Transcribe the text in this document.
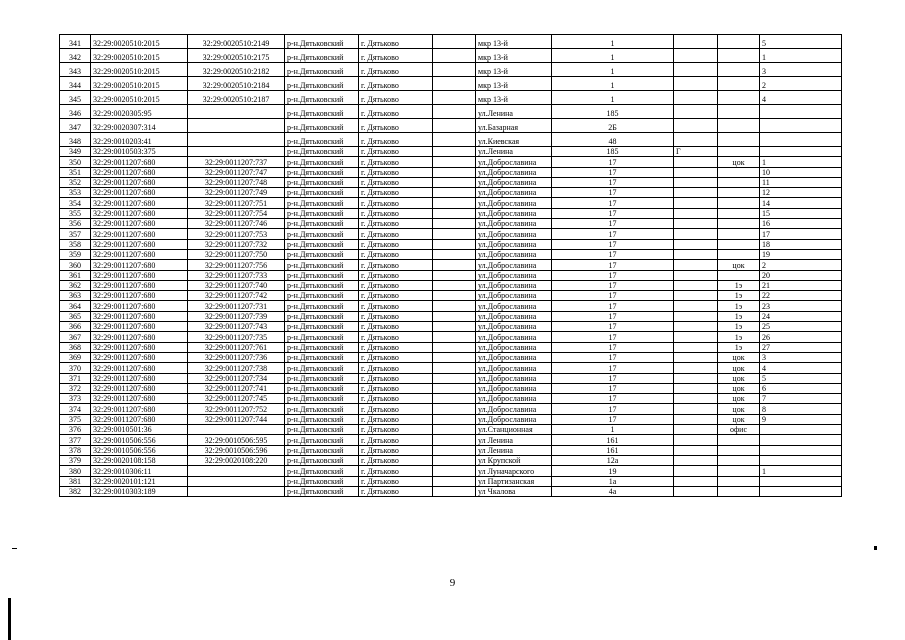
341	32:29:0020510:2015	32:29:0020510:2149	р-н.Дятьковский	г. Дятьково		мкр 13-й	1			5
342	32:29:0020510:2015	32:29:0020510:2175	р-н.Дятьковский	г. Дятьково		мкр 13-й	1			1
343	32:29:0020510:2015	32:29:0020510:2182	р-н.Дятьковский	г. Дятьково		мкр 13-й	1			3
344	32:29:0020510:2015	32:29:0020510:2184	р-н.Дятьковский	г. Дятьково		мкр 13-й	1			2
345	32:29:0020510:2015	32:29:0020510:2187	р-н.Дятьковский	г. Дятьково		мкр 13-й	1			4
346	32:29:0020305:95		р-н.Дятьковский	г. Дятьково		ул.Ленина	185			
347	32:29:0020307:314		р-н.Дятьковский	г. Дятьково		ул.Базарная	2Б			
348	32:29:0010203:41		р-н.Дятьковский	г. Дятьково		ул.Киевская	48			
349	32:29:0010503:375		р-н.Дятьковский	г. Дятьково		ул.Ленина	185	Г		
350	32:29:0011207:680	32:29:0011207:737	р-н.Дятьковский	г. Дятьково		ул.Доброславина	17		цок	1
351	32:29:0011207:680	32:29:0011207:747	р-н.Дятьковский	г. Дятьково		ул.Доброславина	17			10
352	32:29:0011207:680	32:29:0011207:748	р-н.Дятьковский	г. Дятьково		ул.Доброславина	17			11
353	32:29:0011207:680	32:29:0011207:749	р-н.Дятьковский	г. Дятьково		ул.Доброславина	17			12
354	32:29:0011207:680	32:29:0011207:751	р-н.Дятьковский	г. Дятьково		ул.Доброславина	17			14
355	32:29:0011207:680	32:29:0011207:754	р-н.Дятьковский	г. Дятьково		ул.Доброславина	17			15
356	32:29:0011207:680	32:29:0011207:746	р-н.Дятьковский	г. Дятьково		ул.Доброславина	17			16
357	32:29:0011207:680	32:29:0011207:753	р-н.Дятьковский	г. Дятьково		ул.Доброславина	17			17
358	32:29:0011207:680	32:29:0011207:732	р-н.Дятьковский	г. Дятьково		ул.Доброславина	17			18
359	32:29:0011207:680	32:29:0011207:750	р-н.Дятьковский	г. Дятьково		ул.Доброславина	17			19
360	32:29:0011207:680	32:29:0011207:756	р-н.Дятьковский	г. Дятьково		ул.Доброславина	17		цок	2
361	32:29:0011207:680	32:29:0011207:733	р-н.Дятьковский	г. Дятьково		ул.Доброславина	17			20
362	32:29:0011207:680	32:29:0011207:740	р-н.Дятьковский	г. Дятьково		ул.Доброславина	17		1э	21
363	32:29:0011207:680	32:29:0011207:742	р-н.Дятьковский	г. Дятьково		ул.Доброславина	17		1э	22
364	32:29:0011207:680	32:29:0011207:731	р-н.Дятьковский	г. Дятьково		ул.Доброславина	17		1э	23
365	32:29:0011207:680	32:29:0011207:739	р-н.Дятьковский	г. Дятьково		ул.Доброславина	17		1э	24
366	32:29:0011207:680	32:29:0011207:743	р-н.Дятьковский	г. Дятьково		ул.Доброславина	17		1э	25
367	32:29:0011207:680	32:29:0011207:735	р-н.Дятьковский	г. Дятьково		ул.Доброславина	17		1э	26
368	32:29:0011207:680	32:29:0011207:761	р-н.Дятьковский	г. Дятьково		ул.Доброславина	17		1э	27
369	32:29:0011207:680	32:29:0011207:736	р-н.Дятьковский	г. Дятьково		ул.Доброславина	17		цок	3
370	32:29:0011207:680	32:29:0011207:738	р-н.Дятьковский	г. Дятьково		ул.Доброславина	17		цок	4
371	32:29:0011207:680	32:29:0011207:734	р-н.Дятьковский	г. Дятьково		ул.Доброславина	17		цок	5
372	32:29:0011207:680	32:29:0011207:741	р-н.Дятьковский	г. Дятьково		ул.Доброславина	17		цок	6
373	32:29:0011207:680	32:29:0011207:745	р-н.Дятьковский	г. Дятьково		ул.Доброславина	17		цок	7
374	32:29:0011207:680	32:29:0011207:752	р-н.Дятьковский	г. Дятьково		ул.Доброславина	17		цок	8
375	32:29:0011207:680	32:29:0011207:744	р-н.Дятьковский	г. Дятьково		ул.Доброславина	17		цок	9
376	32:29:0010501:36		р-н.Дятьковский	г. Дятьково		ул.Станционная	1		офис	
377	32:29:0010506:556	32:29:0010506:595	р-н.Дятьковский	г. Дятьково		ул Ленина	161			
378	32:29:0010506:556	32:29:0010506:596	р-н.Дятьковский	г. Дятьково		ул Ленина	161			
379	32:29:0020108:158	32:29:0020108:220	р-н.Дятьковский	г. Дятьково		ул Крупской	12а			
380	32:29:0010306:11		р-н.Дятьковский	г. Дятьково		ул Луначарского	19			1
381	32:29:0020101:121		р-н.Дятьковский	г. Дятьково		ул Партизанская	1а			
382	32:29:0010303:189		р-н.Дятьковский	г. Дятьково		ул Чкалова	4а			
9
